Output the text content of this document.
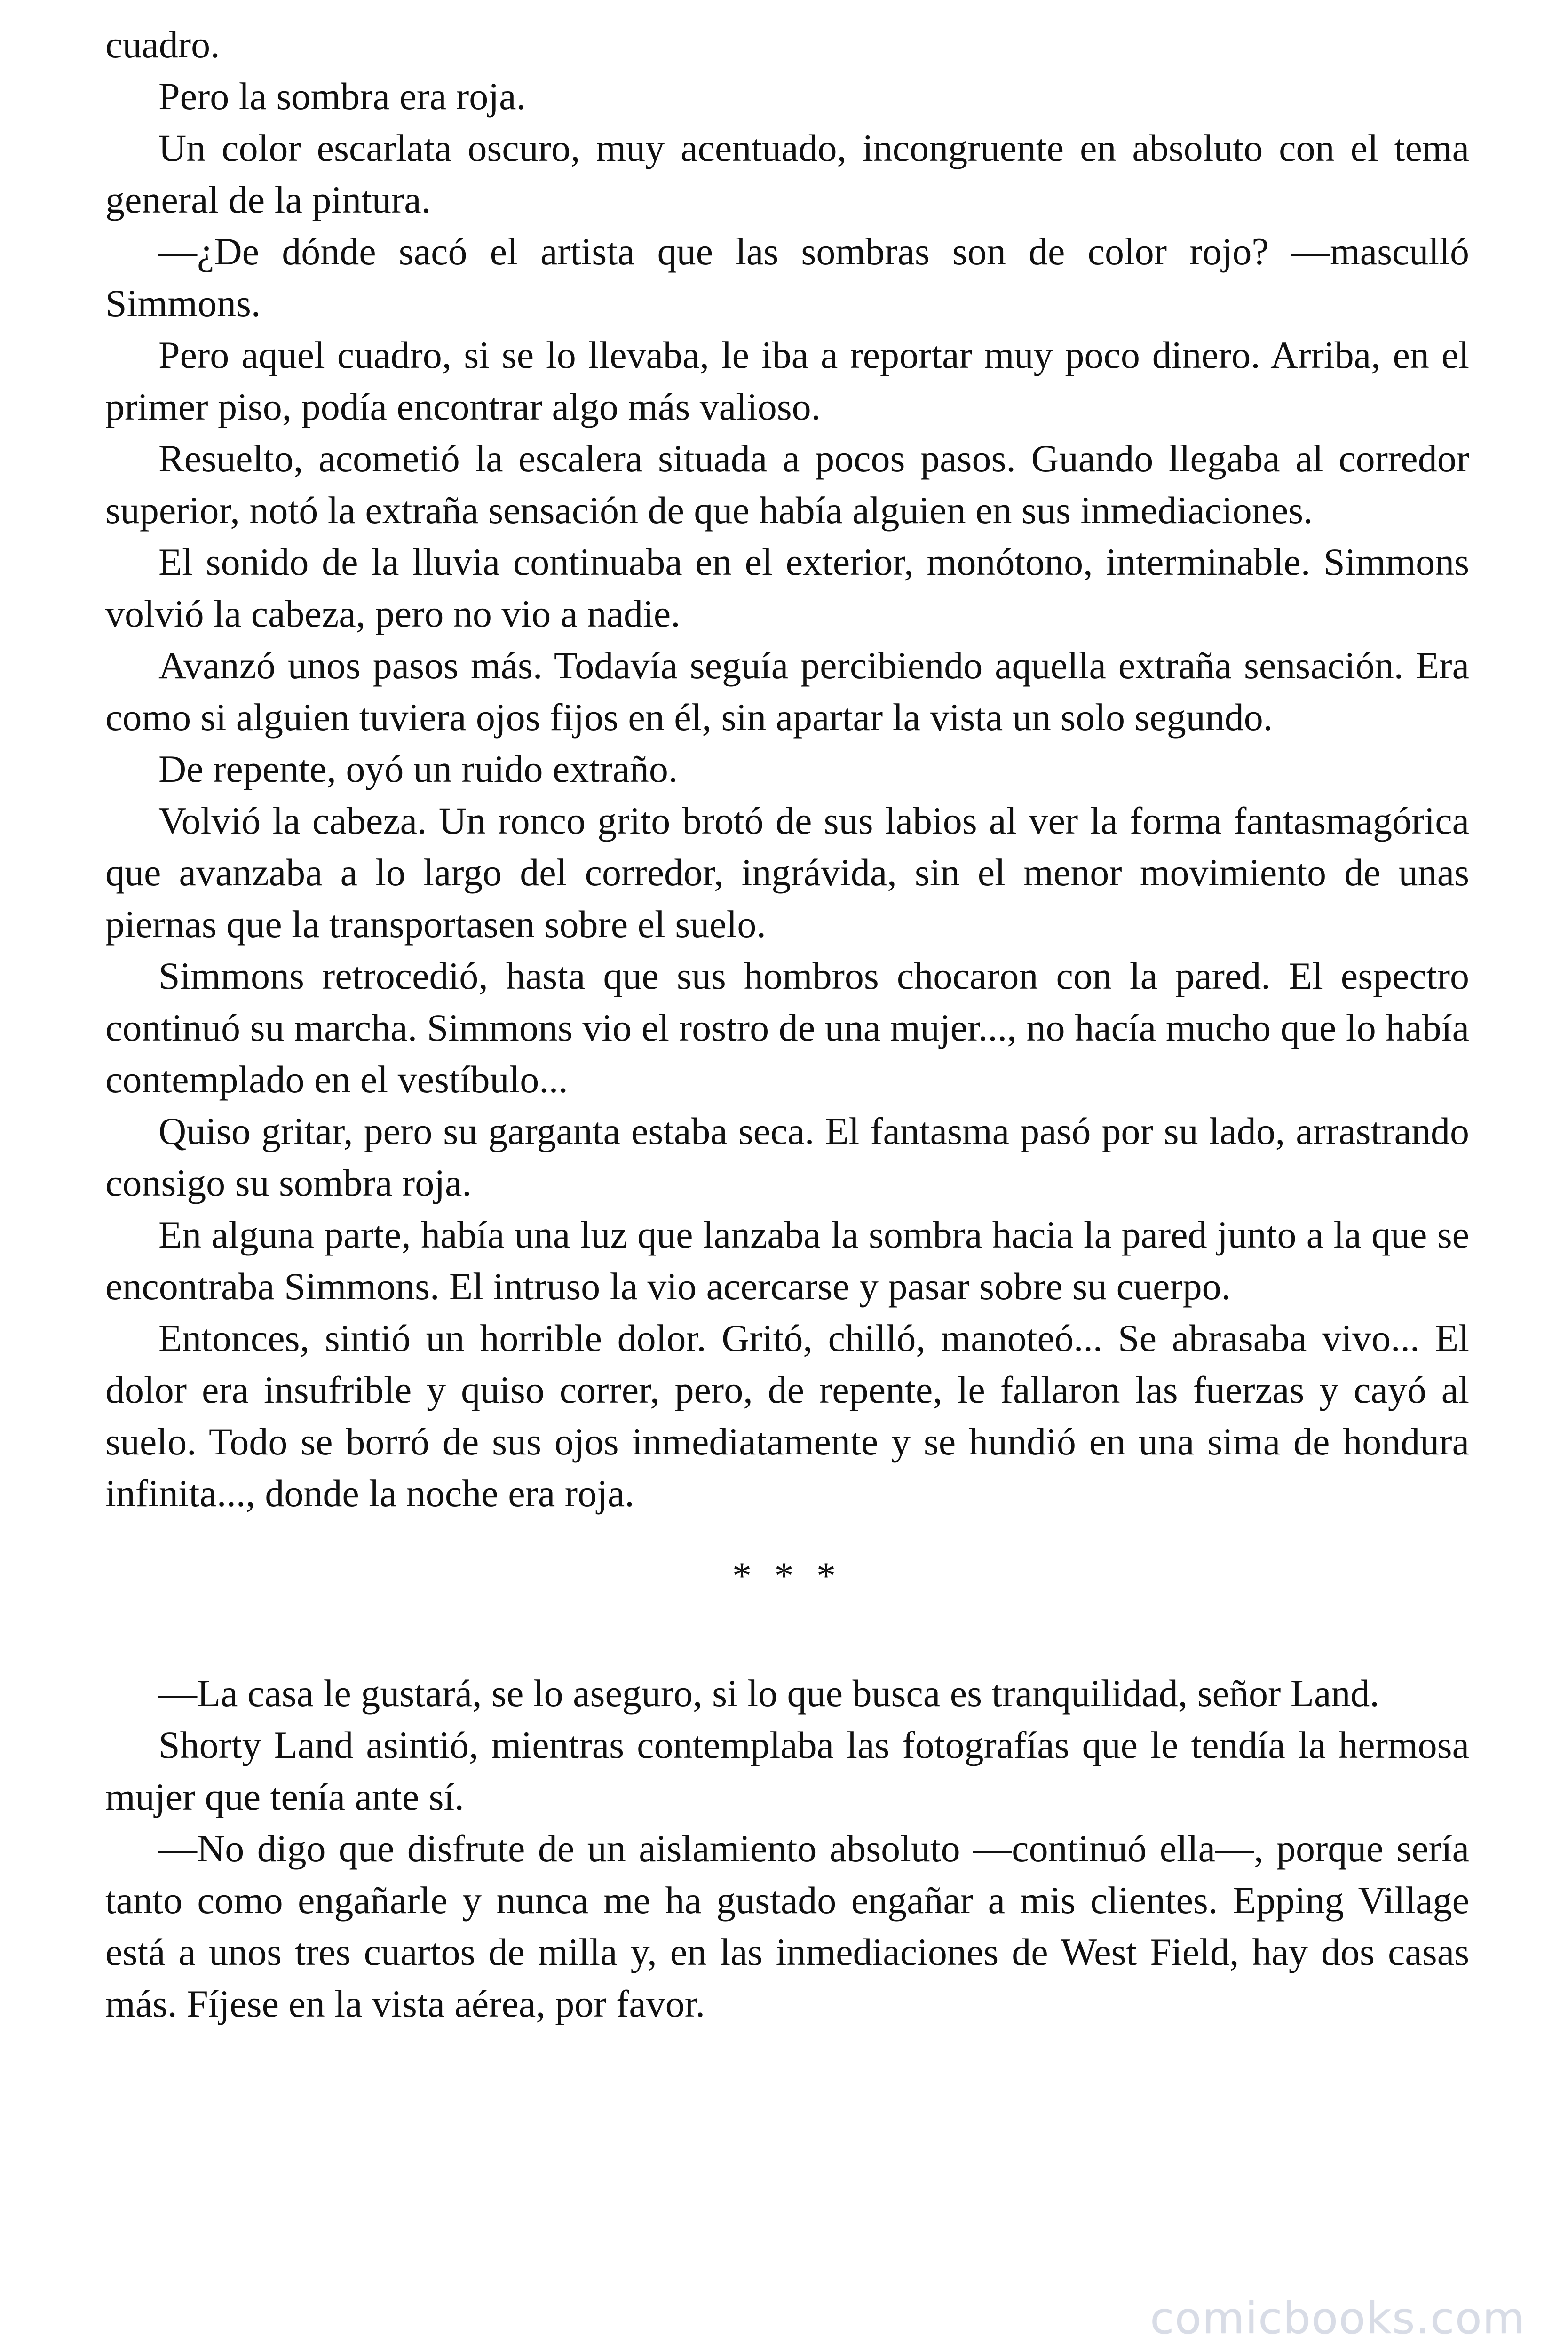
cuadro.

Pero la sombra era roja.

Un color escarlata oscuro, muy acentuado, incongruente en absoluto con el tema general de la pintura.

—¿De dónde sacó el artista que las sombras son de color rojo? —masculló Simmons.

Pero aquel cuadro, si se lo llevaba, le iba a reportar muy poco dinero. Arriba, en el primer piso, podía encontrar algo más valioso.

Resuelto, acometió la escalera situada a pocos pasos. Guando llegaba al corredor superior, notó la extraña sensación de que había alguien en sus inmediaciones.

El sonido de la lluvia continuaba en el exterior, monótono, interminable. Simmons volvió la cabeza, pero no vio a nadie.

Avanzó unos pasos más. Todavía seguía percibiendo aquella extraña sensación. Era como si alguien tuviera ojos fijos en él, sin apartar la vista un solo segundo.

De repente, oyó un ruido extraño.

Volvió la cabeza. Un ronco grito brotó de sus labios al ver la forma fantasmagórica que avanzaba a lo largo del corredor, ingrávida, sin el menor movimiento de unas piernas que la transportasen sobre el suelo.

Simmons retrocedió, hasta que sus hombros chocaron con la pared. El espectro continuó su marcha. Simmons vio el rostro de una mujer..., no hacía mucho que lo había contemplado en el vestíbulo...

Quiso gritar, pero su garganta estaba seca. El fantasma pasó por su lado, arrastrando consigo su sombra roja.

En alguna parte, había una luz que lanzaba la sombra hacia la pared junto a la que se encontraba Simmons. El intruso la vio acercarse y pasar sobre su cuerpo.

Entonces, sintió un horrible dolor. Gritó, chilló, manoteó... Se abrasaba vivo... El dolor era insufrible y quiso correr, pero, de repente, le fallaron las fuerzas y cayó al suelo. Todo se borró de sus ojos inmediatamente y se hundió en una sima de hondura infinita..., donde la noche era roja.

* * *

—La casa le gustará, se lo aseguro, si lo que busca es tranquilidad, señor Land.

Shorty Land asintió, mientras contemplaba las fotografías que le tendía la hermosa mujer que tenía ante sí.

—No digo que disfrute de un aislamiento absoluto —continuó ella—, porque sería tanto como engañarle y nunca me ha gustado engañar a mis clientes. Epping Village está a unos tres cuartos de milla y, en las inmediaciones de West Field, hay dos casas más. Fíjese en la vista aérea, por favor.

comicbooks.com
